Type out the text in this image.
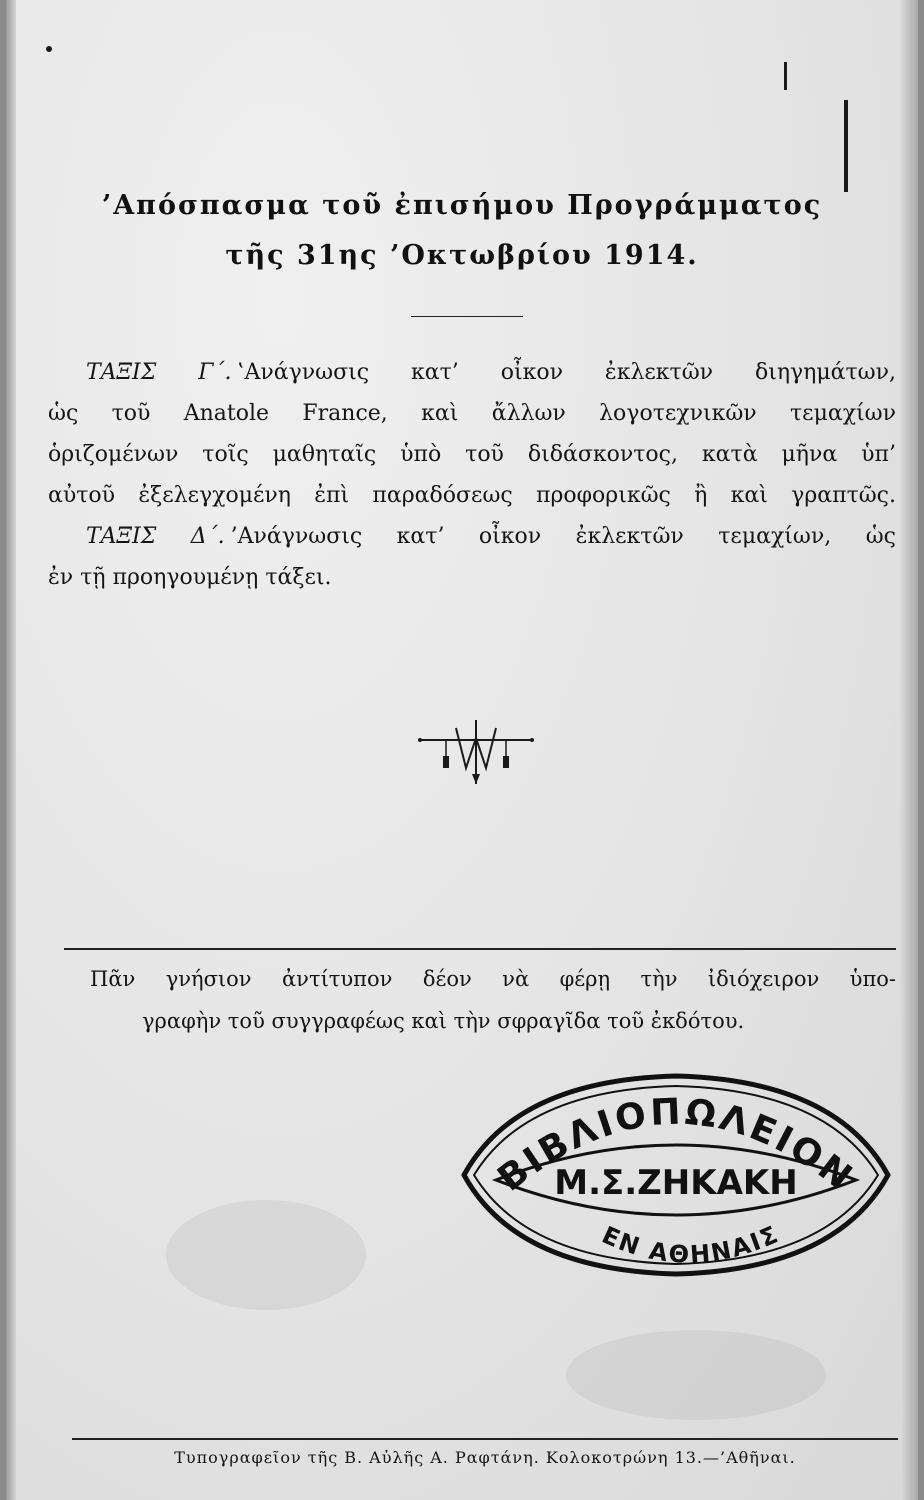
’Απόσπασμα τοῦ ἐπισήμου Προγράμματος
τῆς 31ης ’Οκτωβρίου 1914.
ΤΑΞΙΣ Γ΄. ‛Ανάγνωσις κατ’ οἶκον ἐκλεκτῶν διηγημάτων,
ὡς τοῦ Anatole France, καὶ ἄλλων λογοτεχνικῶν τεμαχίων
ὁριζομένων τοῖς μαθηταῖς ὑπὸ τοῦ διδάσκοντος, κατὰ μῆνα ὑπ’
αὐτοῦ ἐξελεγχομένη ἐπὶ παραδόσεως προφορικῶς ἢ καὶ γραπτῶς.
ΤΑΞΙΣ Δ΄. ’Ανάγνωσις κατ’ οἶκον ἐκλεκτῶν τεμαχίων, ὡς
ἐν τῇ προηγουμένῃ τάξει.
Πᾶν γνήσιον ἀντίτυπον δέον νὰ φέρῃ τὴν ἰδιόχειρον ὑπο-
γραφὴν τοῦ συγγραφέως καὶ τὴν σφραγῖδα τοῦ ἐκδότου.
ΒΙΒΛΙΟΠΩΛΕΙΟΝ
Μ.Σ.ΖΗΚΑΚΗ
ΕΝ ΑΘΗΝΑΙΣ
Τυπογραφεῖον τῆς Β. Αὐλῆς Α. Ραφτάνη. Κολοκοτρώνη 13.—’Αθῆναι.
